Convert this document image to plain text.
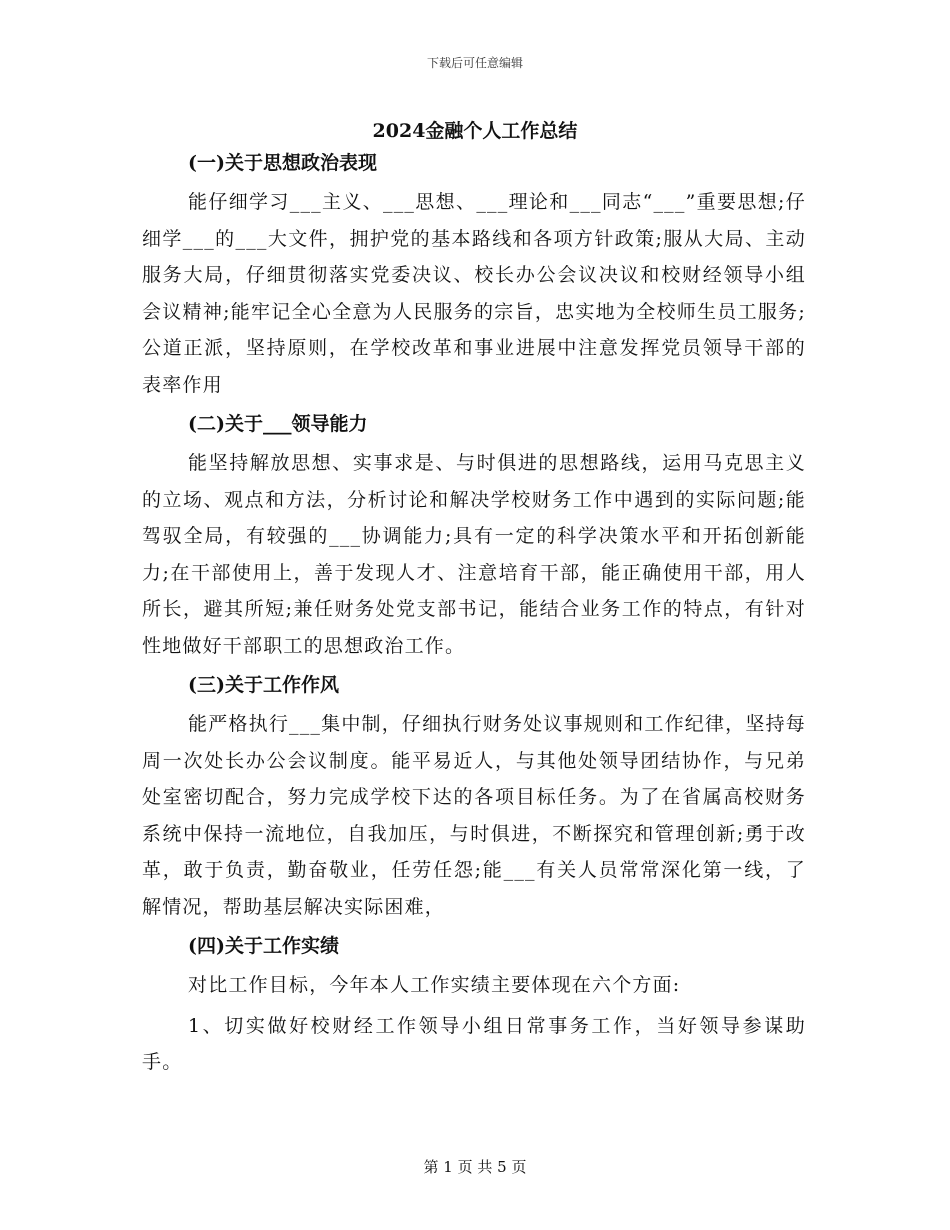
下载后可任意编辑
2024金融个人工作总结
(一)关于思想政治表现

能仔细学习___主义、___思想、___理论和___同志“___”重要思想;仔细学___的___大文件，拥护党的基本路线和各项方针政策;服从大局、主动服务大局，仔细贯彻落实党委决议、校长办公会议决议和校财经领导小组会议精神;能牢记全心全意为人民服务的宗旨，忠实地为全校师生员工服务;公道正派，坚持原则，在学校改革和事业进展中注意发挥党员领导干部的表率作用

(二)关于___领导能力

能坚持解放思想、实事求是、与时俱进的思想路线，运用马克思主义的立场、观点和方法，分析讨论和解决学校财务工作中遇到的实际问题;能驾驭全局，有较强的___协调能力;具有一定的科学决策水平和开拓创新能力;在干部使用上，善于发现人才、注意培育干部，能正确使用干部，用人所长，避其所短;兼任财务处党支部书记，能结合业务工作的特点，有针对性地做好干部职工的思想政治工作。

(三)关于工作作风

能严格执行___集中制，仔细执行财务处议事规则和工作纪律，坚持每周一次处长办公会议制度。能平易近人，与其他处领导团结协作，与兄弟处室密切配合，努力完成学校下达的各项目标任务。为了在省属高校财务系统中保持一流地位，自我加压，与时俱进，不断探究和管理创新;勇于改革，敢于负责，勤奋敬业，任劳任怨;能___有关人员常常深化第一线，了解情况，帮助基层解决实际困难，

(四)关于工作实绩

对比工作目标，今年本人工作实绩主要体现在六个方面:

1、切实做好校财经工作领导小组日常事务工作，当好领导参谋助手。

第 1 页 共 5 页
